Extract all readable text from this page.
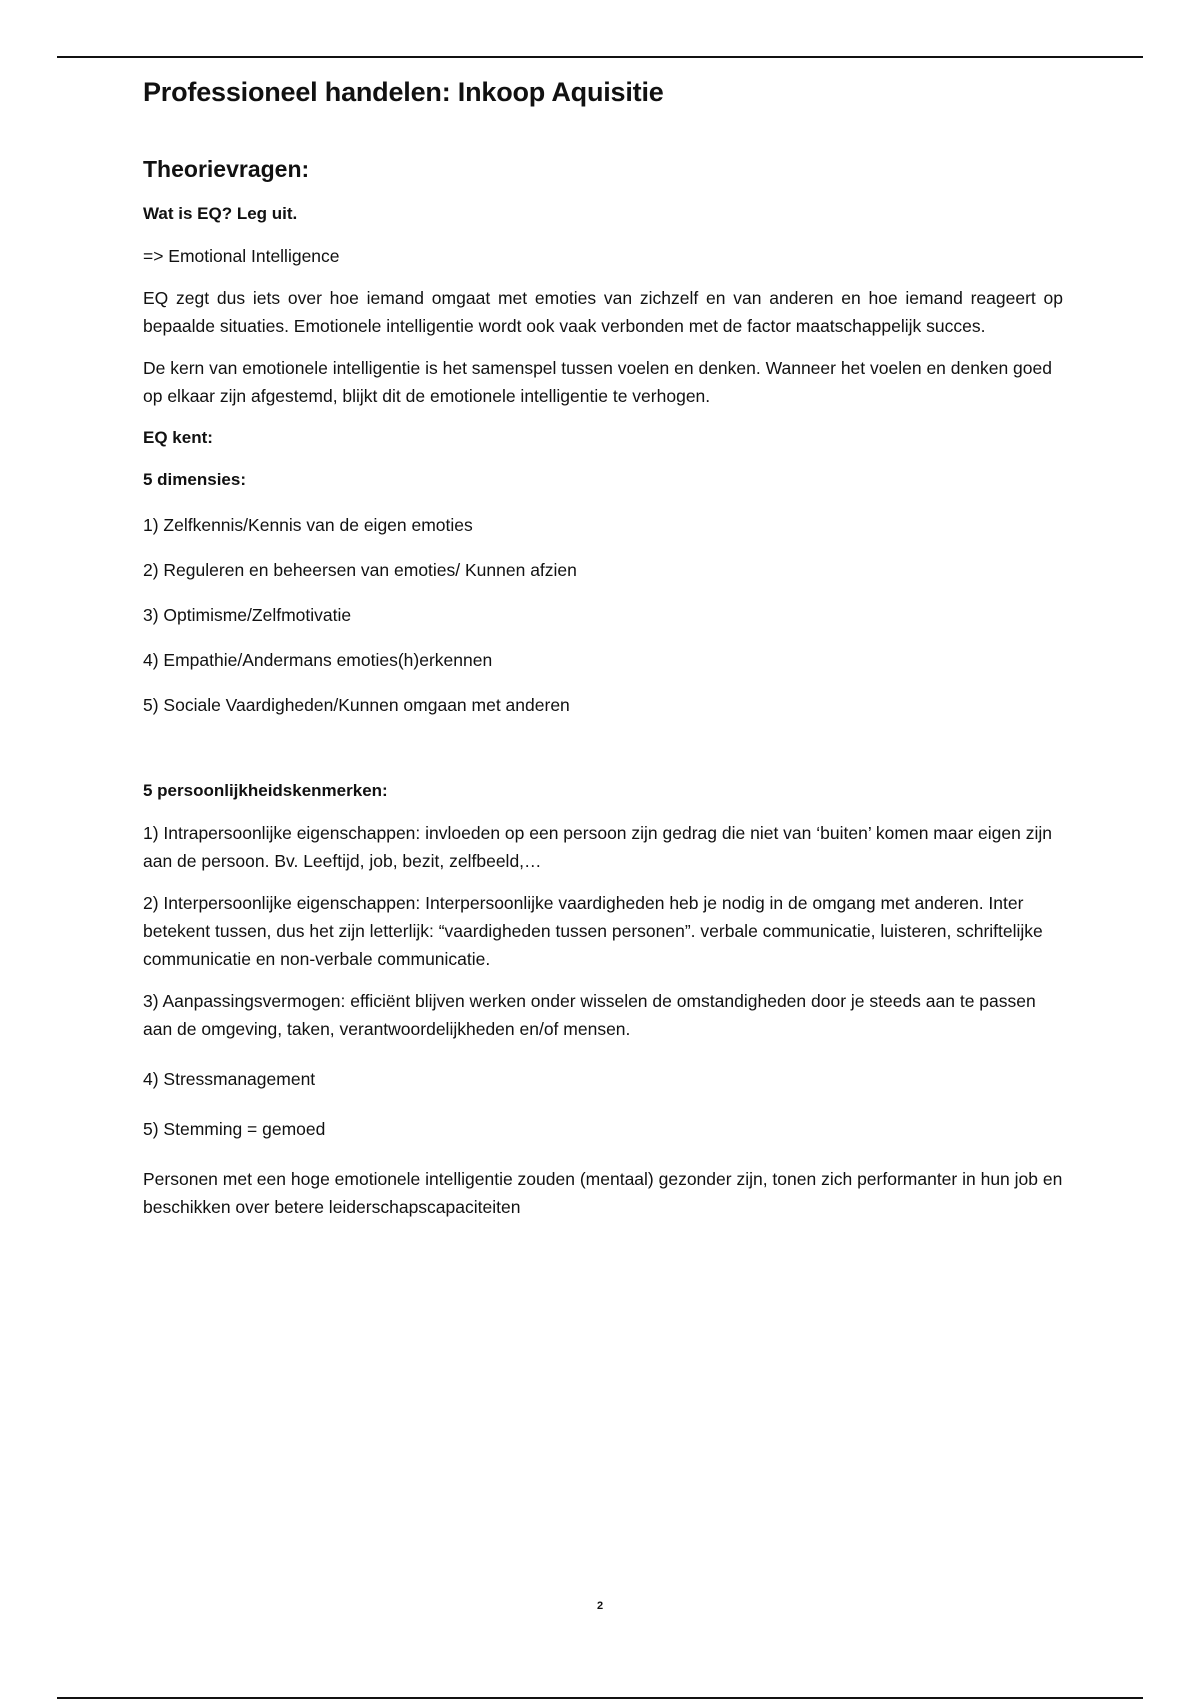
Professioneel handelen: Inkoop Aquisitie
Theorievragen:
Wat is EQ? Leg uit.

=> Emotional Intelligence

EQ zegt dus iets over hoe iemand omgaat met emoties van zichzelf en van anderen en hoe iemand reageert op bepaalde situaties. Emotionele intelligentie wordt ook vaak verbonden met de factor maatschappelijk succes.

De kern van emotionele intelligentie is het samenspel tussen voelen en denken. Wanneer het voelen en denken goed op elkaar zijn afgestemd, blijkt dit de emotionele intelligentie te verhogen.

EQ kent:
5 dimensies:

1) Zelfkennis/Kennis van de eigen emoties

2) Reguleren en beheersen van emoties/ Kunnen afzien

3) Optimisme/Zelfmotivatie

4) Empathie/Andermans emoties(h)erkennen

5) Sociale Vaardigheden/Kunnen omgaan met anderen

5 persoonlijkheidskenmerken:

1) Intrapersoonlijke eigenschappen: invloeden op een persoon zijn gedrag die niet van ‘buiten’ komen maar eigen zijn aan de persoon. Bv. Leeftijd, job, bezit, zelfbeeld,…

2) Interpersoonlijke eigenschappen: Interpersoonlijke vaardigheden heb je nodig in de omgang met anderen. Inter betekent tussen, dus het zijn letterlijk: “vaardigheden tussen personen”. verbale communicatie, luisteren, schriftelijke communicatie en non-verbale communicatie.

3) Aanpassingsvermogen: efficiënt blijven werken onder wisselen de omstandigheden door je steeds aan te passen aan de omgeving, taken, verantwoordelijkheden en/of mensen.

4) Stressmanagement

5) Stemming = gemoed

Personen met een hoge emotionele intelligentie zouden (mentaal) gezonder zijn, tonen zich performanter in hun job en beschikken over betere leiderschapscapaciteiten

2
